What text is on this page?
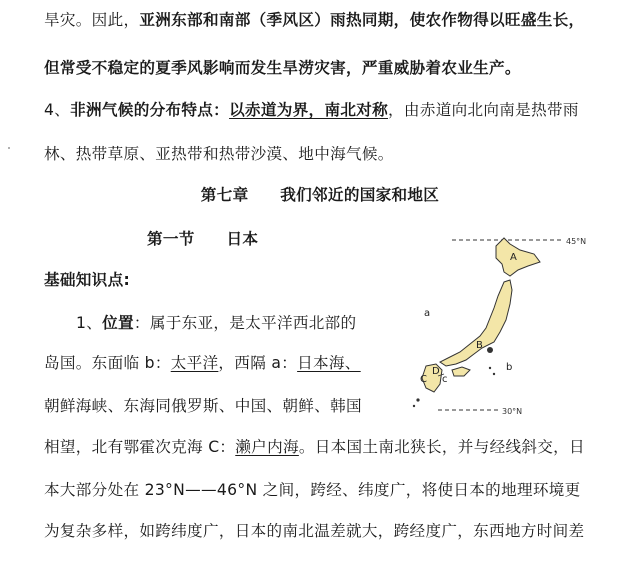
旱灾。因此，亚洲东部和南部（季风区）雨热同期，使农作物得以旺盛生长，
但常受不稳定的夏季风影响而发生旱涝灾害，严重威胁着农业生产。
4、非洲气候的分布特点：以赤道为界，南北对称，由赤道向北向南是热带雨
林、热带草原、亚热带和热带沙漠、地中海气候。
第七章　　我们邻近的国家和地区
第一节　　日本
基础知识点:
1、位置：属于东亚，是太平洋西北部的
岛国。东面临 b：太平洋，西隔 a：日本海、
朝鲜海峡、东海同俄罗斯、中国、朝鲜、韩国
相望，北有鄂霍次克海 C：濑户内海。日本国土南北狭长，并与经线斜交，日
本大部分处在 23°N——46°N 之间，跨经、纬度广，将使日本的地理环境更
为复杂多样，如跨纬度广，日本的南北温差就大，跨经度广，东西地方时间差
45°N
30°N
A
B
C
D
a
b
c
